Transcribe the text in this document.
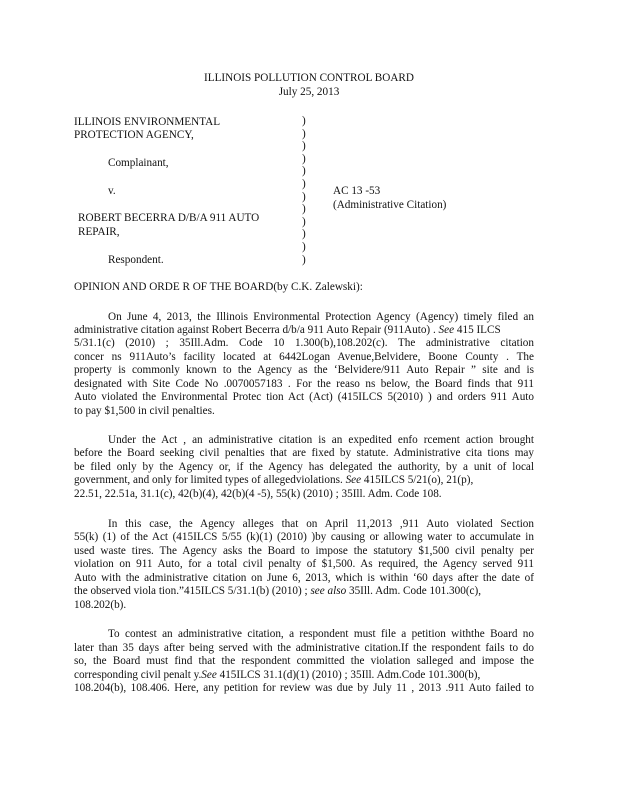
ILLINOIS POLLUTION CONTROL BOARD
July 25, 2013
ILLINOIS ENVIRONMENTAL
PROTECTION AGENCY,
Complainant,
v.	AC 13 -53
(Administrative Citation)
ROBERT BECERRA D/B/A 911 AUTO
REPAIR,
Respondent.
)
)
)
)
)
)
)
)
)
)
)
)
OPINION AND ORDE R OF THE BOARD(by C.K. Zalewski):
On June 4, 2013, the Illinois Environmental Protection Agency (Agency) timely filed an
administrative citation against Robert Becerra d/b/a 911 Auto Repair (911Auto) . See 415 ILCS
5/31.1(c) (2010) ; 35Ill.Adm. Code 10 1.300(b),108.202(c). The administrative citation
concer ns 911Auto’s facility located at 6442Logan Avenue,Belvidere, Boone County . The
property is commonly known to the Agency as the ‘Belvidere/911 Auto Repair ” site and is
designated with Site Code No .0070057183 . For the reaso ns below, the Board finds that 911
Auto violated the Environmental Protec tion Act (Act) (415ILCS 5(2010) ) and orders 911 Auto
to pay $1,500 in civil penalties.
Under the Act , an administrative citation is an expedited enfo rcement action brought
before the Board seeking civil penalties that are fixed by statute. Administrative cita tions may
be filed only by the Agency or, if the Agency has delegated the authority, by a unit of local
government, and only for limited types of allegedviolations. See 415ILCS 5/21(o), 21(p),
22.51, 22.51a, 31.1(c), 42(b)(4), 42(b)(4 -5), 55(k) (2010) ; 35Ill. Adm. Code 108.
In this case, the Agency alleges that on April 11,2013 ,911 Auto violated Section
55(k) (1) of the Act (415ILCS 5/55 (k)(1) (2010) )by causing or allowing water to accumulate in
used waste tires. The Agency asks the Board to impose the statutory $1,500 civil penalty per
violation on 911 Auto, for a total civil penalty of $1,500. As required, the Agency served 911
Auto with the administrative citation on June 6, 2013, which is within ‘60 days after the date of
the observed viola tion.”415ILCS 5/31.1(b) (2010) ; see also 35Ill. Adm. Code 101.300(c),
108.202(b).
To contest an administrative citation, a respondent must file a petition withthe Board no
later than 35 days after being served with the administrative citation.If the respondent fails to do
so, the Board must find that the respondent committed the violation salleged and impose the
corresponding civil penalt y.See 415ILCS 31.1(d)(1) (2010) ; 35Ill. Adm.Code 101.300(b),
108.204(b), 108.406. Here, any petition for review was due by July 11 , 2013 .911 Auto failed to
